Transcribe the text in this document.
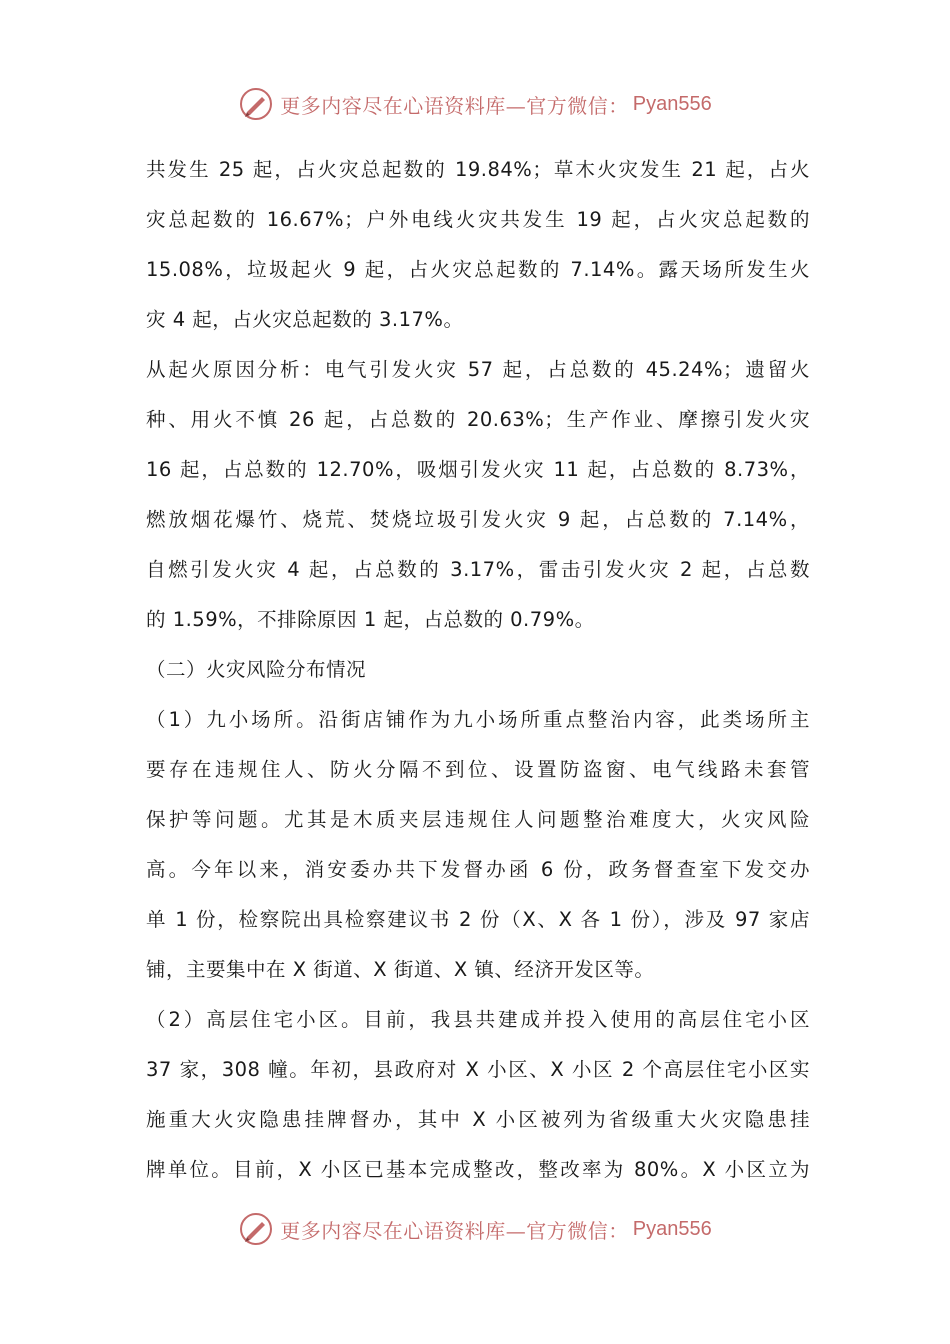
更多内容尽在心语资料库—官方微信： Pyan556
共发生 25 起，占火灾总起数的 19.84%；草木火灾发生 21 起，占火
灾总起数的 16.67%；户外电线火灾共发生 19 起，占火灾总起数的
15.08%，垃圾起火 9 起，占火灾总起数的 7.14%。露天场所发生火
灾 4 起，占火灾总起数的 3.17%。
从起火原因分析：电气引发火灾 57 起，占总数的 45.24%；遗留火
种、用火不慎 26 起，占总数的 20.63%；生产作业、摩擦引发火灾
16 起，占总数的 12.70%，吸烟引发火灾 11 起，占总数的 8.73%，
燃放烟花爆竹、烧荒、焚烧垃圾引发火灾 9 起，占总数的 7.14%，
自燃引发火灾 4 起，占总数的 3.17%，雷击引发火灾 2 起，占总数
的 1.59%，不排除原因 1 起，占总数的 0.79%。
（二）火灾风险分布情况
（1）九小场所。沿街店铺作为九小场所重点整治内容，此类场所主
要存在违规住人、防火分隔不到位、设置防盗窗、电气线路未套管
保护等问题。尤其是木质夹层违规住人问题整治难度大，火灾风险
高。今年以来，消安委办共下发督办函 6 份，政务督查室下发交办
单 1 份，检察院出具检察建议书 2 份（X、X 各 1 份），涉及 97 家店
铺，主要集中在 X 街道、X 街道、X 镇、经济开发区等。
（2）高层住宅小区。目前，我县共建成并投入使用的高层住宅小区
37 家，308 幢。年初，县政府对 X 小区、X 小区 2 个高层住宅小区实
施重大火灾隐患挂牌督办，其中 X 小区被列为省级重大火灾隐患挂
牌单位。目前，X 小区已基本完成整改，整改率为 80%。X 小区立为
更多内容尽在心语资料库—官方微信： Pyan556
